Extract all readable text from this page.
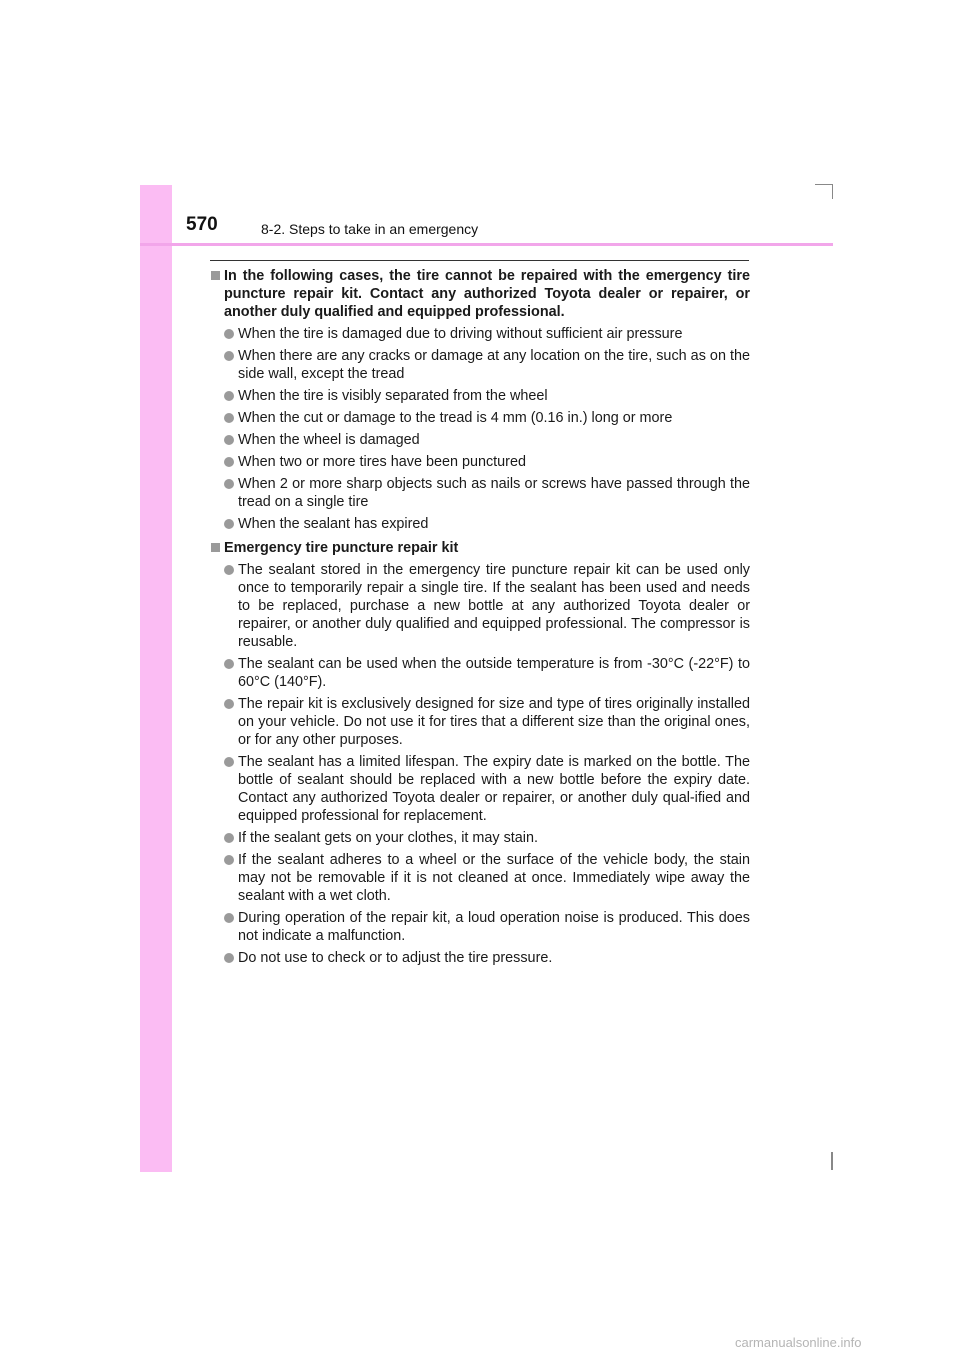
570	8-2. Steps to take in an emergency
In the following cases, the tire cannot be repaired with the emergency tire puncture repair kit. Contact any authorized Toyota dealer or repairer, or another duly qualified and equipped professional.
When the tire is damaged due to driving without sufficient air pressure
When there are any cracks or damage at any location on the tire, such as on the side wall, except the tread
When the tire is visibly separated from the wheel
When the cut or damage to the tread is 4 mm (0.16 in.) long or more
When the wheel is damaged
When two or more tires have been punctured
When 2 or more sharp objects such as nails or screws have passed through the tread on a single tire
When the sealant has expired
Emergency tire puncture repair kit
The sealant stored in the emergency tire puncture repair kit can be used only once to temporarily repair a single tire. If the sealant has been used and needs to be replaced, purchase a new bottle at any authorized Toyota dealer or repairer, or another duly qualified and equipped professional. The compressor is reusable.
The sealant can be used when the outside temperature is from -30°C (-22°F) to 60°C (140°F).
The repair kit is exclusively designed for size and type of tires originally installed on your vehicle. Do not use it for tires that a different size than the original ones, or for any other purposes.
The sealant has a limited lifespan. The expiry date is marked on the bottle. The bottle of sealant should be replaced with a new bottle before the expiry date. Contact any authorized Toyota dealer or repairer, or another duly qual-ified and equipped professional for replacement.
If the sealant gets on your clothes, it may stain.
If the sealant adheres to a wheel or the surface of the vehicle body, the stain may not be removable if it is not cleaned at once. Immediately wipe away the sealant with a wet cloth.
During operation of the repair kit, a loud operation noise is produced. This does not indicate a malfunction.
Do not use to check or to adjust the tire pressure.
carmanualsonline.info
